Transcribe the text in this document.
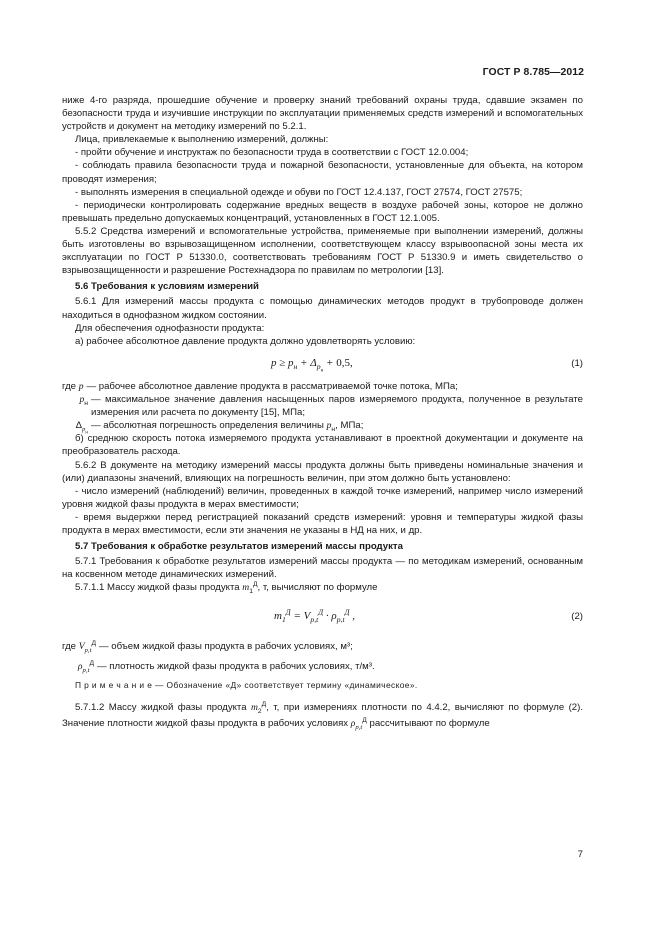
ГОСТ Р 8.785—2012

ниже 4-го разряда, прошедшие обучение и проверку знаний требований охраны труда, сдавшие экзамен по безопасности труда и изучившие инструкции по эксплуатации применяемых средств измерений и вспомогательных устройств и документ на методику измерений по 5.2.1.

Лица, привлекаемые к выполнению измерений, должны:

- пройти обучение и инструктаж по безопасности труда в соответствии с ГОСТ 12.0.004;

- соблюдать правила безопасности труда и пожарной безопасности, установленные для объекта, на котором проводят измерения;

- выполнять измерения в специальной одежде и обуви по ГОСТ 12.4.137, ГОСТ 27574, ГОСТ 27575;

- периодически контролировать содержание вредных веществ в воздухе рабочей зоны, которое не должно превышать предельно допускаемых концентраций, установленных в ГОСТ 12.1.005.

5.5.2 Средства измерений и вспомогательные устройства, применяемые при выполнении измерений, должны быть изготовлены во взрывозащищенном исполнении, соответствующем классу взрывоопасной зоны места их эксплуатации по ГОСТ Р 51330.0, соответствовать требованиям ГОСТ Р 51330.9 и иметь свидетельство о взрывозащищенности и разрешение Ростехнадзора по правилам по метрологии [13].

5.6 Требования к условиям измерений

5.6.1 Для измерений массы продукта с помощью динамических методов продукт в трубопроводе должен находиться в однофазном жидком состоянии.

Для обеспечения однофазности продукта:

а) рабочее абсолютное давление продукта должно удовлетворять условию:

$p \ge p_н + \Delta_{p_н} + 0,5$,	(1)
где p — рабочее абсолютное давление продукта в рассматриваемой точке потока, МПа;
$p_н$ — максимальное значение давления насыщенных паров измеряемого продукта, полученное в результате измерения или расчета по документу [15], МПа;
$\Delta_{p_н}$
— абсолютная погрешность определения величины $p_н$, МПа;

б) среднюю скорость потока измеряемого продукта устанавливают в проектной документации и документе на преобразователь расхода.

5.6.2 В документе на методику измерений массы продукта должны быть приведены номинальные значения и (или) диапазоны значений, влияющих на погрешность величин, при этом должно быть установлено:

- число измерений (наблюдений) величин, проведенных в каждой точке измерений, например число измерений уровня жидкой фазы продукта в мерах вместимости;

- время выдержки перед регистрацией показаний средств измерений: уровня и температуры жидкой фазы продукта в мерах вместимости, если эти значения не указаны в НД на них, и др.

5.7 Требования к обработке результатов измерений массы продукта

5.7.1 Требования к обработке результатов измерений массы продукта — по методикам измерений, основанным на косвенном методе динамических измерений.

5.7.1.1 Массу жидкой фазы продукта $m_1^Д$, т, вычисляют по формуле

$m_1^Д = V_{p,t}^Д \cdot \rho_{p,t}^Д$ ,	(2)
где $V_{p,t}^Д$ — объем жидкой фазы продукта в рабочих условиях, м³;
$\rho_{p,t}^Д$ — плотность жидкой фазы продукта в рабочих условиях, т/м³.

П р и м е ч а н и е — Обозначение «Д» соответствует термину «динамическое».

5.7.1.2 Массу жидкой фазы продукта $m_2^Д$, т, при измерениях плотности по 4.4.2, вычисляют по формуле (2). Значение плотности жидкой фазы продукта в рабочих условиях $\rho_{p,t}^Д$ рассчитывают по формуле

7
